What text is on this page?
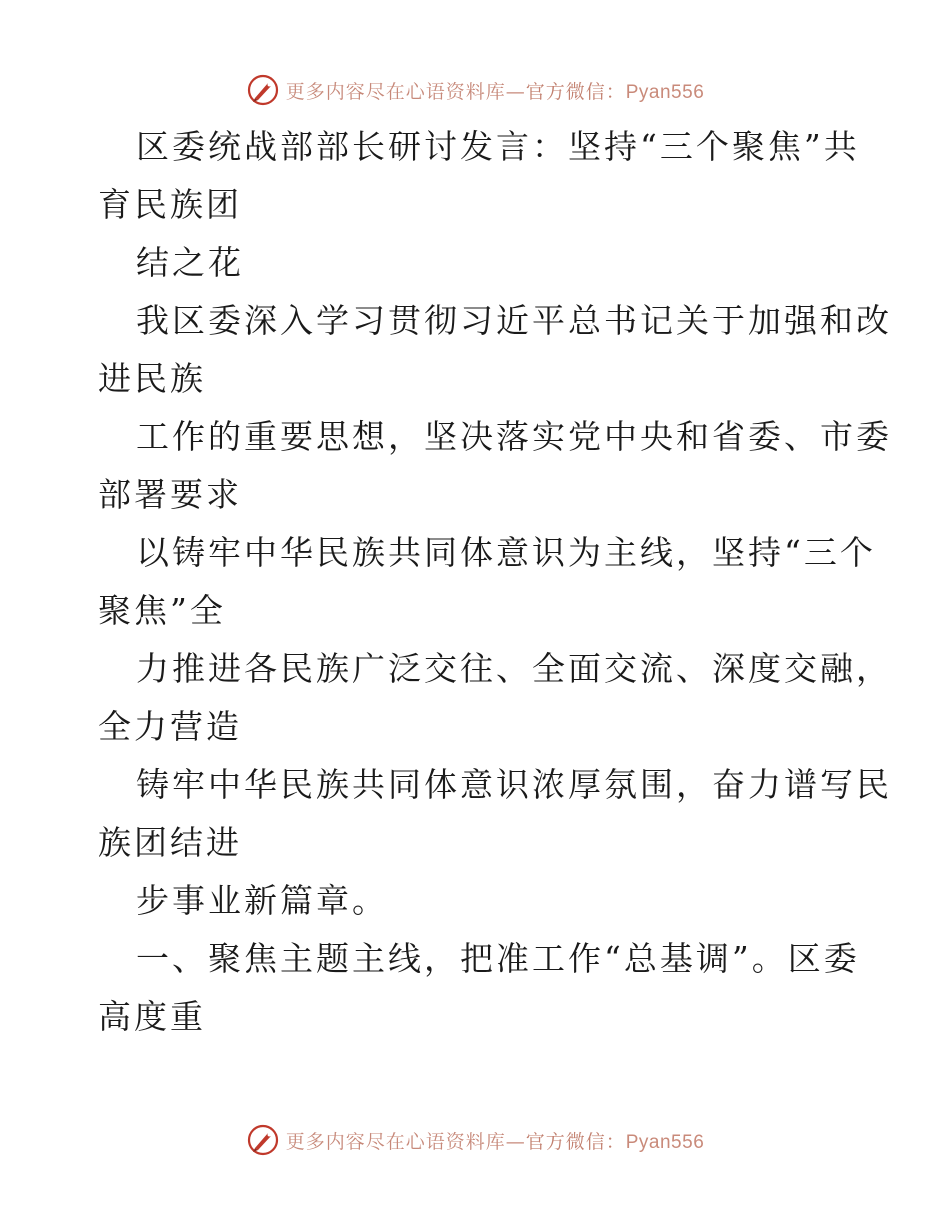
更多内容尽在心语资料库—官方微信：Pyan556
区委统战部部长研讨发言：坚持“三个聚焦”共
育民族团
结之花
我区委深入学习贯彻习近平总书记关于加强和改
进民族
工作的重要思想，坚决落实党中央和省委、市委
部署要求
以铸牢中华民族共同体意识为主线，坚持“三个
聚焦”全
力推进各民族广泛交往、全面交流、深度交融，
全力营造
铸牢中华民族共同体意识浓厚氛围，奋力谱写民
族团结进
步事业新篇章。
一、聚焦主题主线，把准工作“总基调”。区委
高度重
更多内容尽在心语资料库—官方微信：Pyan556
